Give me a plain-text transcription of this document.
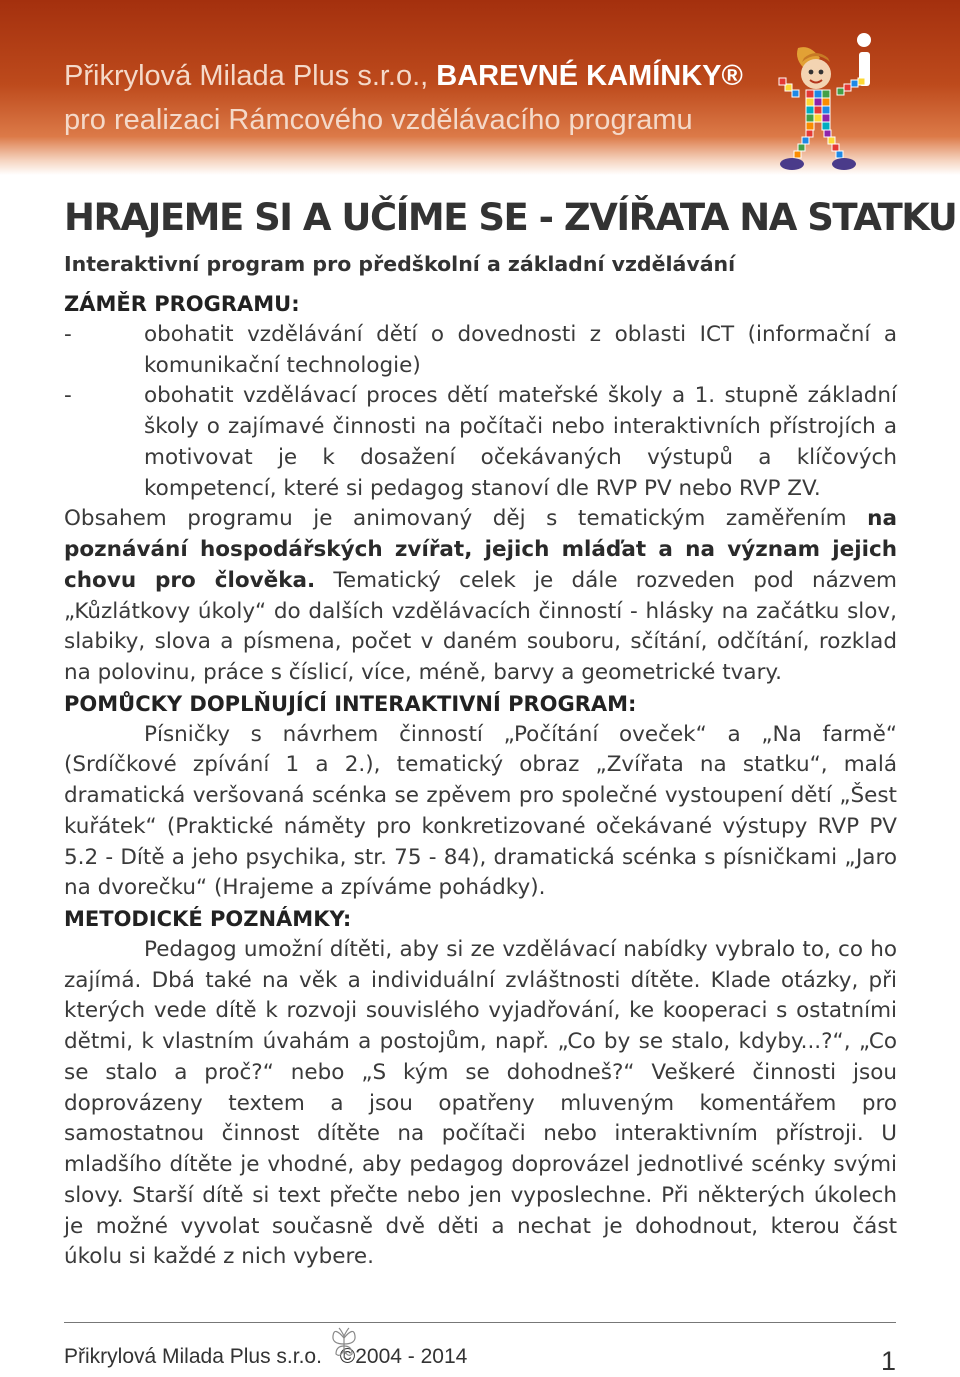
Přikrylová Milada Plus s.r.o., BAREVNÉ KAMÍNKY®
pro realizaci Rámcového vzdělávacího programu
HRAJEME SI A UČÍME SE - ZVÍŘATA NA STATKU
Interaktivní program pro předškolní a základní vzdělávání
ZÁMĚR PROGRAMU:
-	obohatit vzdělávání dětí o dovednosti z oblasti ICT (informační a komunikační technologie)
-	obohatit vzdělávací proces dětí mateřské školy a 1. stupně základní školy o zajímavé činnosti na počítači nebo interaktivních přístrojích a motivovat je k dosažení očekávaných výstupů a klíčových kompetencí, které si pedagog stanoví dle RVP PV nebo RVP ZV.

Obsahem programu je animovaný děj s tematickým zaměřením na poznávání hospodářských zvířat, jejich mláďat a na význam jejich chovu pro člověka. Tematický celek je dále rozveden pod názvem „Kůzlátkovy úkoly“ do dalších vzdělávacích činností - hlásky na začátku slov, slabiky, slova a písmena, počet v daném souboru, sčítání, odčítání, rozklad na polovinu, práce s číslicí, více, méně, barvy a geometrické tvary.

POMŮCKY DOPLŇUJÍCÍ INTERAKTIVNÍ PROGRAM:

Písničky s návrhem činností „Počítání oveček“ a „Na farmě“ (Srdíčkové zpívání 1 a 2.), tematický obraz „Zvířata na statku“, malá dramatická veršovaná scénka se zpěvem pro společné vystoupení dětí „Šest kuřátek“ (Praktické náměty pro konkretizované očekávané výstupy RVP PV 5.2 - Dítě a jeho psychika, str. 75 - 84), dramatická scénka s písničkami „Jaro na dvorečku“ (Hrajeme a zpíváme pohádky).

METODICKÉ POZNÁMKY:

Pedagog umožní dítěti, aby si ze vzdělávací nabídky vybralo to, co ho zajímá. Dbá také na věk a individuální zvláštnosti dítěte. Klade otázky, při kterých vede dítě k rozvoji souvislého vyjadřování, ke kooperaci s ostatními dětmi, k vlastním úvahám a postojům, např. „Co by se stalo, kdyby...?“, „Co se stalo a proč?“ nebo „S kým se dohodneš?“ Veškeré činnosti jsou doprovázeny textem a jsou opatřeny mluveným komentářem pro samostatnou činnost dítěte na počítači nebo interaktivním přístroji. U mladšího dítěte je vhodné, aby pedagog doprovázel jednotlivé scénky svými slovy. Starší dítě si text přečte nebo jen vyposlechne. Při některých úkolech je možné vyvolat současně dvě děti a nechat je dohodnout, kterou část úkolu si každé z nich vybere.

Přikrylová Milada Plus s.r.o. ©2004 - 2014	1
